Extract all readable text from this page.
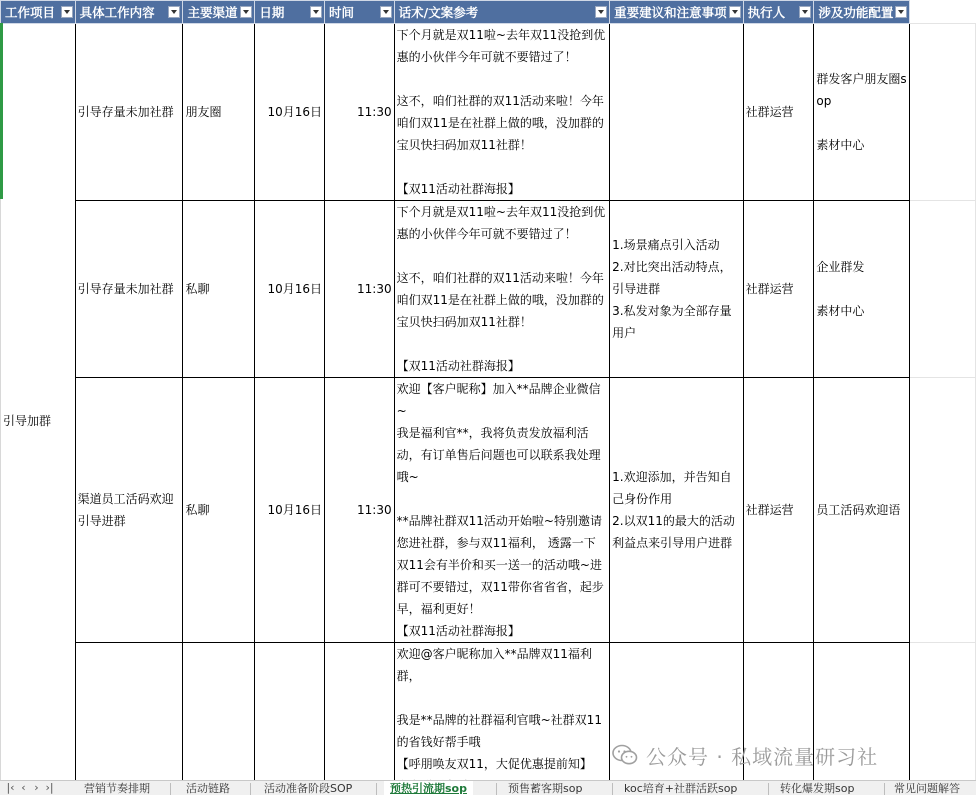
工作项目	具体工作内容	主要渠道	日期	时间	话术/文案参考	重要建议和注意事项	执行人	涉及功能配置

引导加群	引导存量未加社群	朋友圈	10月16日	11:30	下个月就是双11啦~去年双11没抢到优惠的小伙伴今年可就不要错过了！

这不，咱们社群的双11活动来啦！今年咱们双11是在社群上做的哦，没加群的宝贝快扫码加双11社群！

【双11活动社群海报】		社群运营	群发客户朋友圈sop

素材中心	
	引导存量未加社群	私聊	10月16日	11:30	下个月就是双11啦~去年双11没抢到优惠的小伙伴今年可就不要错过了！

这不，咱们社群的双11活动来啦！今年咱们双11是在社群上做的哦，没加群的宝贝快扫码加双11社群！

【双11活动社群海报】	1.场景痛点引入活动
2.对比突出活动特点，引导进群
3.私发对象为全部存量用户	社群运营	企业群发

素材中心	
	渠道员工活码欢迎引导进群	私聊	10月16日	11:30	欢迎【客户昵称】加入**品牌企业微信~
我是福利官**，我将负责发放福利活动，有订单售后问题也可以联系我处理哦~

**品牌社群双11活动开始啦~特别邀请您进社群，参与双11福利， 透露一下双11会有半价和买一送一的活动哦~进群可不要错过，双11带你省省省，起步早，福利更好！
【双11活动社群海报】	1.欢迎添加，并告知自己身份作用
2.以双11的最大的活动利益点来引导用户进群	社群运营	员工活码欢迎语	
					欢迎@客户昵称加入**品牌双11福利群，

我是**品牌的社群福利官哦~社群双11的省钱好帮手哦
【呼朋唤友双11，大促优惠提前知】
					公众号 · 私域流量研习社
|‹ ‹ › ›|	营销节奏排期	活动链路	活动准备阶段SOP	预热引流期sop	预售蓄客期sop	koc培育+社群活跃sop	转化爆发期sop	常见问题解答
